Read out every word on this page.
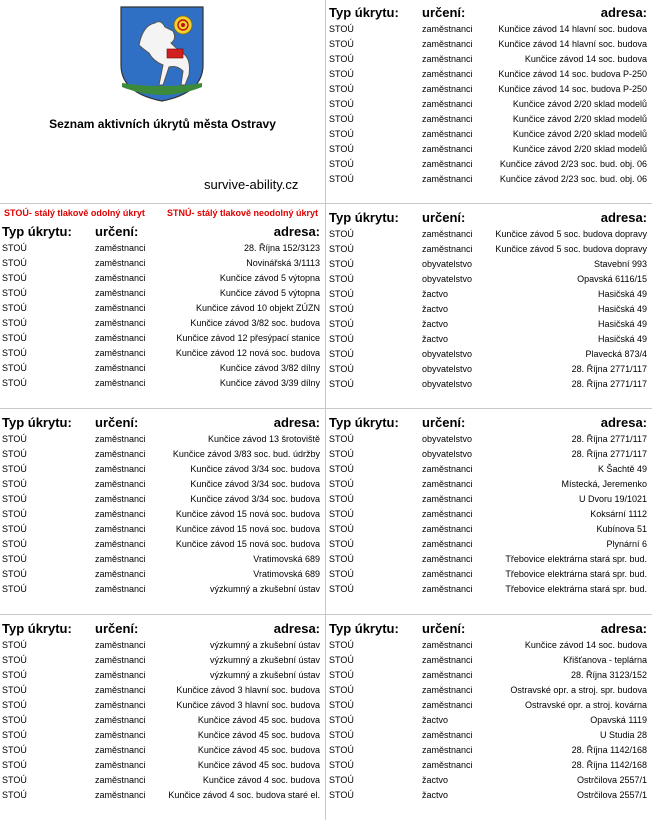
Seznam aktivních úkrytů města Ostravy
survive-ability.cz
STOÚ- stálý tlakově odolný úkryt STNÚ- stálý tlakově neodolný úkryt
Typ úkrytu: určení:	adresa:
STOÚ	zaměstnanci	28. Října 152/3123
STOÚ	zaměstnanci	Novinářská 3/1113
STOÚ	zaměstnanci	Kunčice závod 5 výtopna
STOÚ	zaměstnanci	Kunčice závod 5 výtopna
STOÚ	zaměstnanci	Kunčice závod 10 objekt ZÚZN
STOÚ	zaměstnanci	Kunčice závod 3/82 soc. budova
STOÚ	zaměstnanci	Kunčice závod 12 přesýpací stanice
STOÚ	zaměstnanci	Kunčice závod 12 nová soc. budova
STOÚ	zaměstnanci	Kunčice závod 3/82 dílny
STOÚ	zaměstnanci	Kunčice závod 3/39 dílny
Typ úkrytu: určení:	adresa:
STOÚ	zaměstnanci	Kunčice závod 13 šrotoviště
STOÚ	zaměstnanci	Kunčice závod 3/83 soc. bud. údržby
STOÚ	zaměstnanci	Kunčice závod 3/34 soc. budova
STOÚ	zaměstnanci	Kunčice závod 3/34 soc. budova
STOÚ	zaměstnanci	Kunčice závod 3/34 soc. budova
STOÚ	zaměstnanci	Kunčice závod 15 nová soc. budova
STOÚ	zaměstnanci	Kunčice závod 15 nová soc. budova
STOÚ	zaměstnanci	Kunčice závod 15 nová soc. budova
STOÚ	zaměstnanci	Vratimovská 689
STOÚ	zaměstnanci	Vratimovská 689
STOÚ	zaměstnanci	výzkumný a zkušební ústav
Typ úkrytu: určení:	adresa:
STOÚ	zaměstnanci	výzkumný a zkušební ústav
STOÚ	zaměstnanci	výzkumný a zkušební ústav
STOÚ	zaměstnanci	výzkumný a zkušební ústav
STOÚ	zaměstnanci	Kunčice závod 3 hlavní soc. budova
STOÚ	zaměstnanci	Kunčice závod 3 hlavní soc. budova
STOÚ	zaměstnanci	Kunčice závod 45 soc. budova
STOÚ	zaměstnanci	Kunčice závod 45 soc. budova
STOÚ	zaměstnanci	Kunčice závod 45 soc. budova
STOÚ	zaměstnanci	Kunčice závod 45 soc. budova
STOÚ	zaměstnanci	Kunčice závod 4 soc. budova
STOÚ	zaměstnanci	Kunčice závod 4 soc. budova staré el.
Typ úkrytu: určení:	adresa:
STOÚ	zaměstnanci	Kunčice závod 14 hlavní soc. budova
STOÚ	zaměstnanci	Kunčice závod 14 hlavní soc. budova
STOÚ	zaměstnanci	Kunčice závod 14 soc. budova
STOÚ	zaměstnanci	Kunčice závod 14 soc. budova P-250
STOÚ	zaměstnanci	Kunčice závod 14 soc. budova P-250
STOÚ	zaměstnanci	Kunčice závod 2/20 sklad modelů
STOÚ	zaměstnanci	Kunčice závod 2/20 sklad modelů
STOÚ	zaměstnanci	Kunčice závod 2/20 sklad modelů
STOÚ	zaměstnanci	Kunčice závod 2/20 sklad modelů
STOÚ	zaměstnanci	Kunčice závod 2/23 soc. bud. obj. 06
STOÚ	zaměstnanci	Kunčice závod 2/23 soc. bud. obj. 06
Typ úkrytu: určení:	adresa:
STOÚ	zaměstnanci	Kunčice závod 5 soc. budova dopravy
STOÚ	zaměstnanci	Kunčice závod 5 soc. budova dopravy
STOÚ	obyvatelstvo	Stavební 993
STOÚ	obyvatelstvo	Opavská 6116/15
STOÚ	žactvo	Hasičská 49
STOÚ	žactvo	Hasičská 49
STOÚ	žactvo	Hasičská 49
STOÚ	žactvo	Hasičská 49
STOÚ	obyvatelstvo	Plavecká 873/4
STOÚ	obyvatelstvo	28. Října 2771/117
STOÚ	obyvatelstvo	28. Října 2771/117
Typ úkrytu: určení:	adresa:
STOÚ	obyvatelstvo	28. Října 2771/117
STOÚ	obyvatelstvo	28. Října 2771/117
STOÚ	zaměstnanci	K Šachtě 49
STOÚ	zaměstnanci	Místecká, Jeremenko
STOÚ	zaměstnanci	U Dvoru 19/1021
STOÚ	zaměstnanci	Koksární 1112
STOÚ	zaměstnanci	Kubínova 51
STOÚ	zaměstnanci	Plynární 6
STOÚ	zaměstnanci	Třebovice elektrárna stará spr. bud.
STOÚ	zaměstnanci	Třebovice elektrárna stará spr. bud.
STOÚ	zaměstnanci	Třebovice elektrárna stará spr. bud.
Typ úkrytu: určení:	adresa:
STOÚ	zaměstnanci	Kunčice závod 14 soc. budova
STOÚ	zaměstnanci	Křišťanova - teplárna
STOÚ	zaměstnanci	28. Října 3123/152
STOÚ	zaměstnanci	Ostravské opr. a stroj. spr. budova
STOÚ	zaměstnanci	Ostravské opr. a stroj. kovárna
STOÚ	žactvo	Opavská 1119
STOÚ	zaměstnanci	U Studia 28
STOÚ	zaměstnanci	28. Října 1142/168
STOÚ	zaměstnanci	28. Října 1142/168
STOÚ	žactvo	Ostrčilova 2557/1
STOÚ	žactvo	Ostrčilova 2557/1
